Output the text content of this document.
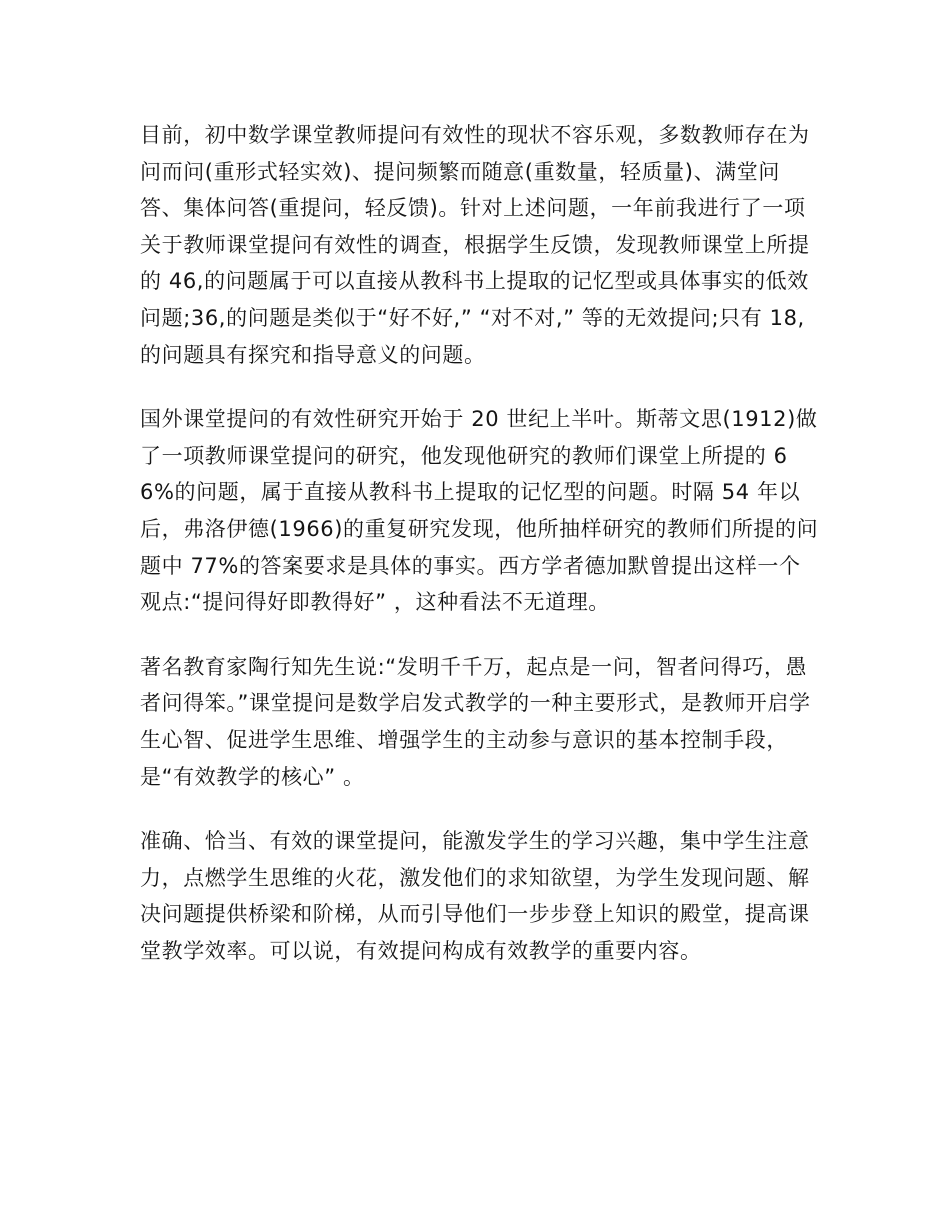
目前，初中数学课堂教师提问有效性的现状不容乐观，多数教师存在为问而问(重形式轻实效)、提问频繁而随意(重数量，轻质量)、满堂问答、集体问答(重提问，轻反馈)。针对上述问题，一年前我进行了一项关于教师课堂提问有效性的调查，根据学生反馈，发现教师课堂上所提的 46,的问题属于可以直接从教科书上提取的记忆型或具体事实的低效问题;36,的问题是类似于“好不好,” “对不对,” 等的无效提问;只有 18,的问题具有探究和指导意义的问题。

国外课堂提问的有效性研究开始于 20 世纪上半叶。斯蒂文思(1912)做了一项教师课堂提问的研究，他发现他研究的教师们课堂上所提的 66%的问题，属于直接从教科书上提取的记忆型的问题。时隔 54 年以后，弗洛伊德(1966)的重复研究发现，他所抽样研究的教师们所提的问题中 77%的答案要求是具体的事实。西方学者德加默曾提出这样一个观点:“提问得好即教得好” ，这种看法不无道理。

著名教育家陶行知先生说:“发明千千万，起点是一问，智者问得巧，愚者问得笨。”课堂提问是数学启发式教学的一种主要形式，是教师开启学生心智、促进学生思维、增强学生的主动参与意识的基本控制手段，是“有效教学的核心” 。

准确、恰当、有效的课堂提问，能激发学生的学习兴趣，集中学生注意力，点燃学生思维的火花，激发他们的求知欲望，为学生发现问题、解决问题提供桥梁和阶梯，从而引导他们一步步登上知识的殿堂，提高课堂教学效率。可以说，有效提问构成有效教学的重要内容。
